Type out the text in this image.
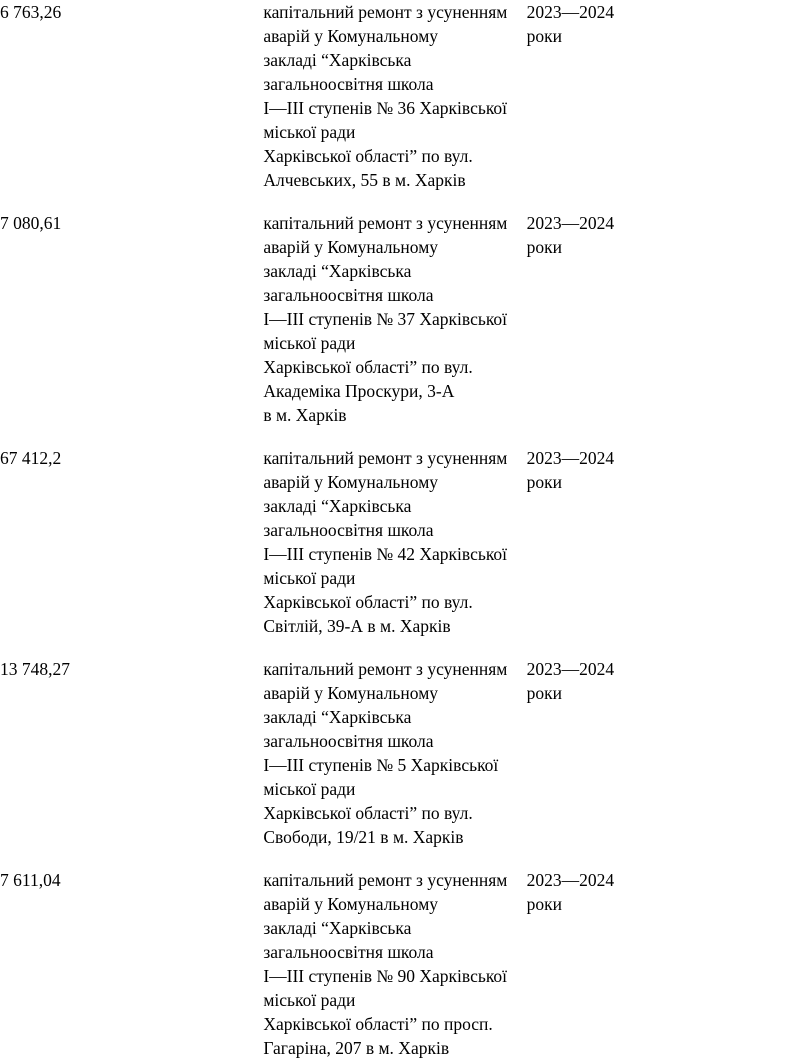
6 763,26	капітальний ремонт з усуненням аварій у Комунальному
закладі “Харківська загальноосвітня школа
І—ІІІ ступенів № 36 Харківської міської ради
Харківської області” по вул. Алчевських, 55 в м. Харків	2023—2024
роки

7 080,61	капітальний ремонт з усуненням аварій у Комунальному
закладі “Харківська загальноосвітня школа
І—ІІІ ступенів № 37 Харківської міської ради
Харківської області” по вул. Академіка Проскури, 3-А
в м. Харків	2023—2024
роки

67 412,2	капітальний ремонт з усуненням аварій у Комунальному
закладі “Харківська загальноосвітня школа
І—ІІІ ступенів № 42 Харківської міської ради
Харківської області” по вул. Світлій, 39-А в м. Харків	2023—2024
роки

13 748,27	капітальний ремонт з усуненням аварій у Комунальному
закладі “Харківська загальноосвітня школа
І—ІІІ ступенів № 5 Харківської міської ради
Харківської області” по вул. Свободи, 19/21 в м. Харків	2023—2024
роки

7 611,04	капітальний ремонт з усуненням аварій у Комунальному
закладі “Харківська загальноосвітня школа
І—ІІІ ступенів № 90 Харківської міської ради
Харківської області” по просп. Гагаріна, 207 в м. Харків	2023—2024
роки
